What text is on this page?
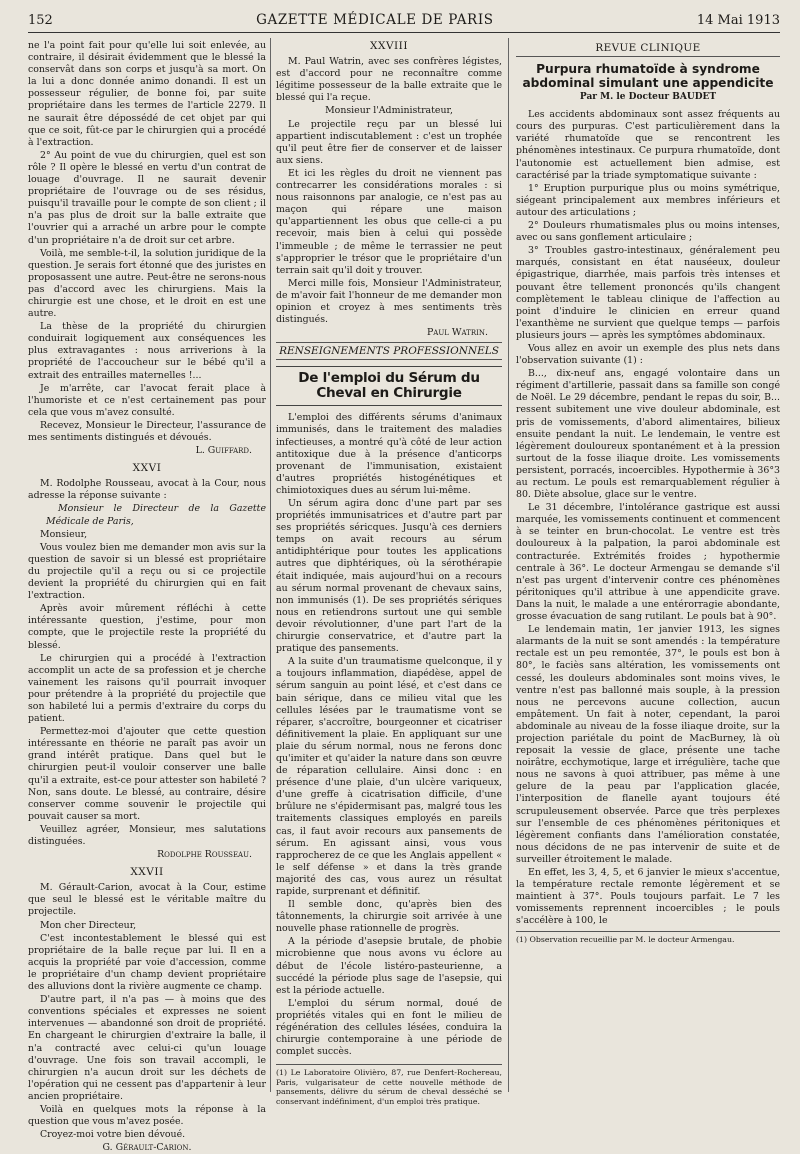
152	GAZETTE MÉDICALE DE PARIS	14 Mai 1913

ne l'a point fait pour qu'elle lui soit enlevée, au contraire, il désirait évidemment que le blessé la conservât dans son corps et jusqu'à sa mort. On la lui a donc donnée animo donandi. Il est un possesseur régulier, de bonne foi, par suite propriétaire dans les termes de l'article 2279. Il ne saurait être dépossédé de cet objet par qui que ce soit, fût-ce par le chirurgien qui a procédé à l'extraction.

2° Au point de vue du chirurgien, quel est son rôle ? Il opère le blessé en vertu d'un contrat de louage d'ouvrage. Il ne saurait devenir propriétaire de l'ouvrage ou de ses résidus, puisqu'il travaille pour le compte de son client ; il n'a pas plus de droit sur la balle extraite que l'ouvrier qui a arraché un arbre pour le compte d'un propriétaire n'a de droit sur cet arbre.

Voilà, me semble-t-il, la solution juridique de la question. Je serais fort étonné que des juristes en proposassent une autre. Peut-être ne serons-nous pas d'accord avec les chirurgiens. Mais la chirurgie est une chose, et le droit en est une autre.

La thèse de la propriété du chirurgien conduirait logiquement aux conséquences les plus extravagantes : nous arriverions à la propriété de l'accoucheur sur le bébé qu'il a extrait des entrailles maternelles !...

Je m'arrête, car l'avocat ferait place à l'humoriste et ce n'est certainement pas pour cela que vous m'avez consulté.

Recevez, Monsieur le Directeur, l'assurance de mes sentiments distingués et dévoués.

L. Guiffard.

XXVI

M. Rodolphe Rousseau, avocat à la Cour, nous adresse la réponse suivante :

Monsieur le Directeur de la Gazette Médicale de Paris,

Monsieur,

Vous voulez bien me demander mon avis sur la question de savoir si un blessé est propriétaire du projectile qu'il a reçu ou si ce projectile devient la propriété du chirurgien qui en fait l'extraction.

Après avoir mûrement réfléchi à cette intéressante question, j'estime, pour mon compte, que le projectile reste la propriété du blessé.

Le chirurgien qui a procédé à l'extraction accomplit un acte de sa profession et je cherche vainement les raisons qu'il pourrait invoquer pour prétendre à la propriété du projectile que son habileté lui a permis d'extraire du corps du patient.

Permettez-moi d'ajouter que cette question intéressante en théorie ne paraît pas avoir un grand intérêt pratique. Dans quel but le chirurgien peut-il vouloir conserver une balle qu'il a extraite, est-ce pour attester son habileté ? Non, sans doute. Le blessé, au contraire, désire conserver comme souvenir le projectile qui pouvait causer sa mort.

Veuillez agréer, Monsieur, mes salutations distinguées.

Rodolphe Rousseau.

XXVII

M. Gérault-Carion, avocat à la Cour, estime que seul le blessé est le véritable maître du projectile.

Mon cher Directeur,

C'est incontestablement le blessé qui est propriétaire de la balle reçue par lui. Il en a acquis la propriété par voie d'accession, comme le propriétaire d'un champ devient propriétaire des alluvions dont la rivière augmente ce champ.

D'autre part, il n'a pas — à moins que des conventions spéciales et expresses ne soient intervenues — abandonné son droit de propriété. En chargeant le chirurgien d'extraire la balle, il n'a contracté avec celui-ci qu'un louage d'ouvrage. Une fois son travail accompli, le chirurgien n'a aucun droit sur les déchets de l'opération qui ne cessent pas d'appartenir à leur ancien propriétaire.

Voilà en quelques mots la réponse à la question que vous m'avez posée.

Croyez-moi votre bien dévoué.

G. Gérault-Carion.

XXVIII

M. Paul Watrin, avec ses confrères légistes, est d'accord pour ne reconnaître comme légitime possesseur de la balle extraite que le blessé qui l'a reçue.

Monsieur l'Administrateur,

Le projectile reçu par un blessé lui appartient indiscutablement : c'est un trophée qu'il peut être fier de conserver et de laisser aux siens.

Et ici les règles du droit ne viennent pas contrecarrer les considérations morales : si nous raisonnons par analogie, ce n'est pas au maçon qui répare une maison qu'appartiennent les obus que celle-ci a pu recevoir, mais bien à celui qui possède l'immeuble ; de même le terrassier ne peut s'approprier le trésor que le propriétaire d'un terrain sait qu'il doit y trouver.

Merci mille fois, Monsieur l'Administrateur, de m'avoir fait l'honneur de me demander mon opinion et croyez à mes sentiments très distingués.

Paul Watrin.

RENSEIGNEMENTS PROFESSIONNELS
De l'emploi du Sérum du Cheval en Chirurgie

L'emploi des différents sérums d'animaux immunisés, dans le traitement des maladies infectieuses, a montré qu'à côté de leur action antitoxique due à la présence d'anticorps provenant de l'immunisation, existaient d'autres propriétés histogénétiques et chimiotoxiques dues au sérum lui-même.

Un sérum agira donc d'une part par ses propriétés immunisatrices et d'autre part par ses propriétés séricques. Jusqu'à ces derniers temps on avait recours au sérum antidiphtérique pour toutes les applications autres que diphtériques, où la sérothérapie était indiquée, mais aujourd'hui on a recours au sérum normal provenant de chevaux sains, non immunisés (1). De ses propriétés sériques nous en retiendrons surtout une qui semble devoir révolutionner, d'une part l'art de la chirurgie conservatrice, et d'autre part la pratique des pansements.

A la suite d'un traumatisme quelconque, il y a toujours inflammation, diapédèse, appel de sérum sanguin au point lésé, et c'est dans ce bain sérique, dans ce milieu vital que les cellules lésées par le traumatisme vont se réparer, s'accroître, bourgeonner et cicatriser définitivement la plaie. En appliquant sur une plaie du sérum normal, nous ne ferons donc qu'imiter et qu'aider la nature dans son œuvre de réparation cellulaire. Ainsi donc : en présence d'une plaie, d'un ulcère variqueux, d'une greffe à cicatrisation difficile, d'une brûlure ne s'épidermisant pas, malgré tous les traitements classiques employés en pareils cas, il faut avoir recours aux pansements de sérum. En agissant ainsi, vous vous rapprocherez de ce que les Anglais appellent « le self défense » et dans la très grande majorité des cas, vous aurez un résultat rapide, surprenant et définitif.

Il semble donc, qu'après bien des tâtonnements, la chirurgie soit arrivée à une nouvelle phase rationnelle de progrès.

A la période d'asepsie brutale, de phobie microbienne que nous avons vu éclore au début de l'école listéro-pasteurienne, a succédé la période plus sage de l'asepsie, qui est la période actuelle.

L'emploi du sérum normal, doué de propriétés vitales qui en font le milieu de régénération des cellules lésées, conduira la chirurgie contemporaine à une période de complet succès.

(1) Le Laboratoire Olivièro, 87, rue Denfert-Rochereau, Paris, vulgarisateur de cette nouvelle méthode de pansements, délivre du sérum de cheval desséché se conservant indéfiniment, d'un emploi très pratique.
REVUE CLINIQUE
Purpura rhumatoïde à syndrome abdominal simulant une appendicite
Par M. le Docteur BAUDET

Les accidents abdominaux sont assez fréquents au cours des purpuras. C'est particulièrement dans la variété rhumatoïde que se rencontrent les phénomènes intestinaux. Ce purpura rhumatoïde, dont l'autonomie est actuellement bien admise, est caractérisé par la triade symptomatique suivante :

1° Eruption purpurique plus ou moins symétrique, siégeant principalement aux membres inférieurs et autour des articulations ;

2° Douleurs rhumatismales plus ou moins intenses, avec ou sans gonflement articulaire ;

3° Troubles gastro-intestinaux, généralement peu marqués, consistant en état nauséeux, douleur épigastrique, diarrhée, mais parfois très intenses et pouvant être tellement prononcés qu'ils changent complètement le tableau clinique de l'affection au point d'induire le clinicien en erreur quand l'exanthème ne survient que quelque temps — parfois plusieurs jours — après les symptômes abdominaux.

Vous allez en avoir un exemple des plus nets dans l'observation suivante (1) :

B..., dix-neuf ans, engagé volontaire dans un régiment d'artillerie, passait dans sa famille son congé de Noël. Le 29 décembre, pendant le repas du soir, B... ressent subitement une vive douleur abdominale, est pris de vomissements, d'abord alimentaires, bilieux ensuite pendant la nuit. Le lendemain, le ventre est légèrement douloureux spontanément et à la pression surtout de la fosse iliaque droite. Les vomissements persistent, porracés, incoercibles. Hypothermie à 36°3 au rectum. Le pouls est remarquablement régulier à 80. Diète absolue, glace sur le ventre.

Le 31 décembre, l'intolérance gastrique est aussi marquée, les vomissements continuent et commencent à se teinter en brun-chocolat. Le ventre est très douloureux à la palpation, la paroi abdominale est contracturée. Extrémités froides ; hypothermie centrale à 36°. Le docteur Armengau se demande s'il n'est pas urgent d'intervenir contre ces phénomènes péritoniques qu'il attribue à une appendicite grave. Dans la nuit, le malade a une entérorragie abondante, grosse évacuation de sang rutilant. Le pouls bat à 90°.

Le lendemain matin, 1er janvier 1913, les signes alarmants de la nuit se sont amendés : la température rectale est un peu remontée, 37°, le pouls est bon à 80°, le faciès sans altération, les vomissements ont cessé, les douleurs abdominales sont moins vives, le ventre n'est pas ballonné mais souple, à la pression nous ne percevons aucune collection, aucun empâtement. Un fait à noter, cependant, la paroi abdominale au niveau de la fosse iliaque droite, sur la projection pariétale du point de MacBurney, là où reposait la vessie de glace, présente une tache noirâtre, ecchymotique, large et irrégulière, tache que nous ne savons à quoi attribuer, pas même à une gelure de la peau par l'application glacée, l'interposition de flanelle ayant toujours été scrupuleusement observée. Parce que très perplexes sur l'ensemble de ces phénomènes péritoniques et légèrement confiants dans l'amélioration constatée, nous décidons de ne pas intervenir de suite et de surveiller étroitement le malade.

En effet, les 3, 4, 5, et 6 janvier le mieux s'accentue, la température rectale remonte légèrement et se maintient à 37°. Pouls toujours parfait. Le 7 les vomissements reprennent incoercibles ; le pouls s'accélère à 100, le

(1) Observation recueillie par M. le docteur Armengau.
